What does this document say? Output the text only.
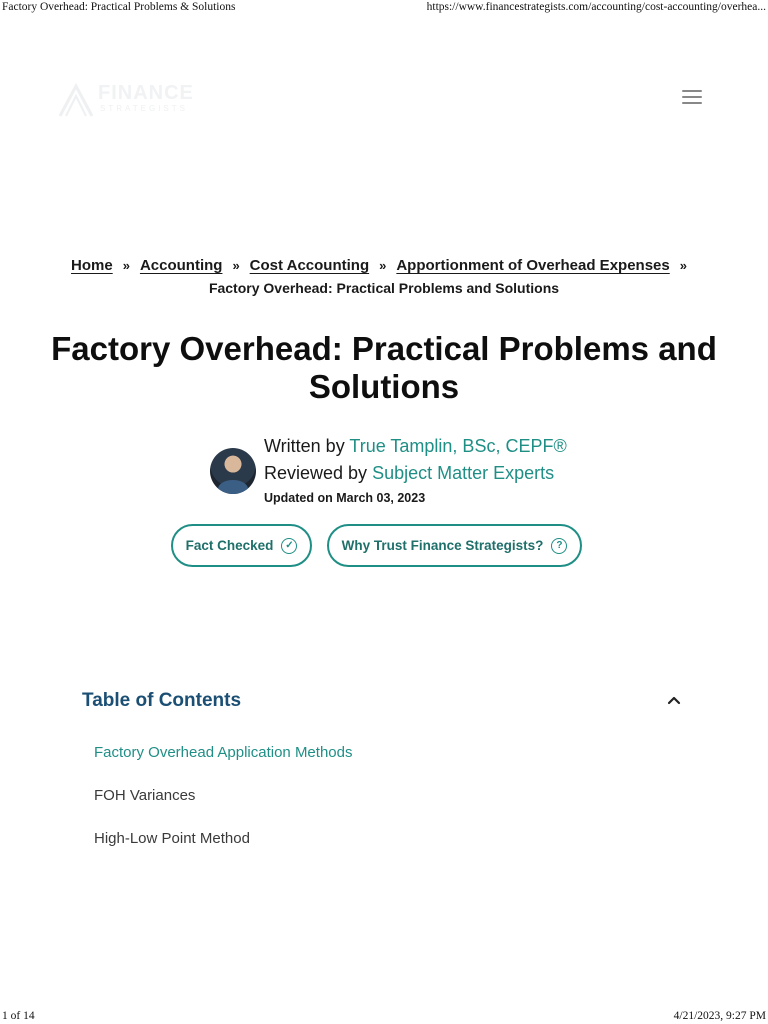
Factory Overhead: Practical Problems & Solutions	https://www.financestrategists.com/accounting/cost-accounting/overhea...
FINANCE
STRATEGISTS
Home » Accounting » Cost Accounting » Apportionment of Overhead Expenses »
Factory Overhead: Practical Problems and Solutions
Factory Overhead: Practical Problems and Solutions
Written by True Tamplin, BSc, CEPF®
Reviewed by Subject Matter Experts
Updated on March 03, 2023
Fact Checked	✓	Why Trust Finance Strategists?	?
Table of Contents
Factory Overhead Application Methods
FOH Variances
High-Low Point Method
1 of 14	4/21/2023, 9:27 PM
